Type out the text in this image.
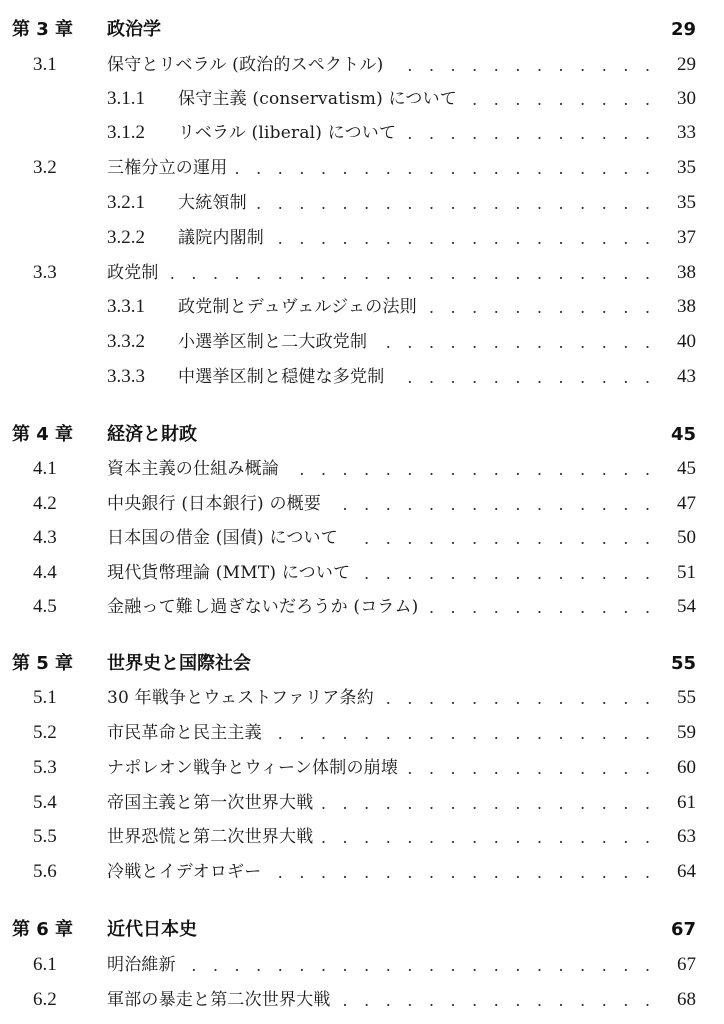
第 3 章	政治学	29
3.1	保守とリベラル (政治的スペクトル) . . .	29
3.1.1	保守主義 (conservatism) について . . .	30
3.1.2	リベラル (liberal) について . . .	33
3.2	三権分立の運用 . . .	35
3.2.1	大統領制 . . .	35
3.2.2	議院内閣制 . . .	37
3.3	政党制 . . .	38
3.3.1	政党制とデュヴェルジェの法則 . . .	38
3.3.2	小選挙区制と二大政党制 . . .	40
3.3.3	中選挙区制と穏健な多党制 . . .	43
第 4 章	経済と財政	45
4.1	資本主義の仕組み概論 . . .	45
4.2	中央銀行 (日本銀行) の概要 . . .	47
4.3	日本国の借金 (国債) について . . .	50
4.4	現代貨幣理論 (MMT) について . . .	51
4.5	金融って難し過ぎないだろうか (コラム) . . .	54
第 5 章	世界史と国際社会	55
5.1	30 年戦争とウェストファリア条約 . . .	55
5.2	市民革命と民主主義 . . .	59
5.3	ナポレオン戦争とウィーン体制の崩壊 . . .	60
5.4	帝国主義と第一次世界大戦 . . .	61
5.5	世界恐慌と第二次世界大戦 . . .	63
5.6	冷戦とイデオロギー . . .	64
第 6 章	近代日本史	67
6.1	明治維新 . . .	67
6.2	軍部の暴走と第二次世界大戦 . . .	68
